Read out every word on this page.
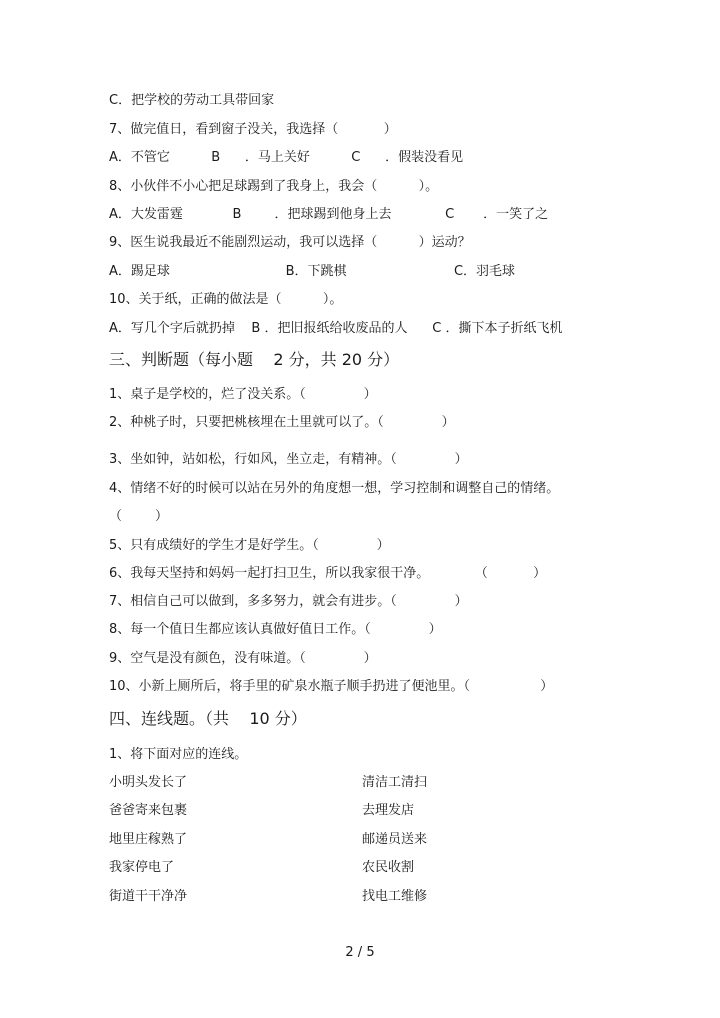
C．把学校的劳动工具带回家
7、做完值日，看到窗子没关，我选择（           ）
A．不管它          B      ．马上关好          C      ．假装没看见
8、小伙伴不小心把足球踢到了我身上，我会（          ）。
A．大发雷霆            B        ．把球踢到他身上去             C       ．一笑了之
9、医生说我最近不能剧烈运动，我可以选择（          ）运动？
A．踢足球                            B．下跳棋                          C．羽毛球
10、关于纸，正确的做法是（          ）。
A．写几个字后就扔掉    B ．把旧报纸给收废品的人      C ．撕下本子折纸飞机
三、判断题（每小题    2 分，共 20 分）
1、桌子是学校的，烂了没关系。（              ）
2、种桃子时，只要把桃核埋在土里就可以了。（              ）
3、坐如钟，站如松，行如风，坐立走，有精神。（              ）
4、情绪不好的时候可以站在另外的角度想一想，学习控制和调整自己的情绪。
（        ）
5、只有成绩好的学生才是好学生。（              ）
6、我每天坚持和妈妈一起打扫卫生，所以我家很干净。           （           ）
7、相信自己可以做到，多多努力，就会有进步。（              ）
8、每一个值日生都应该认真做好值日工作。（              ）
9、空气是没有颜色，没有味道。（              ）
10、小新上厕所后，将手里的矿泉水瓶子顺手扔进了便池里。（                 ）
四、连线题。（共    10 分）
1、将下面对应的连线。
小明头发长了
爸爸寄来包裹
地里庄稼熟了
我家停电了
街道干干净净
清洁工清扫
去理发店
邮递员送来
农民收割
找电工维修
2 / 5
